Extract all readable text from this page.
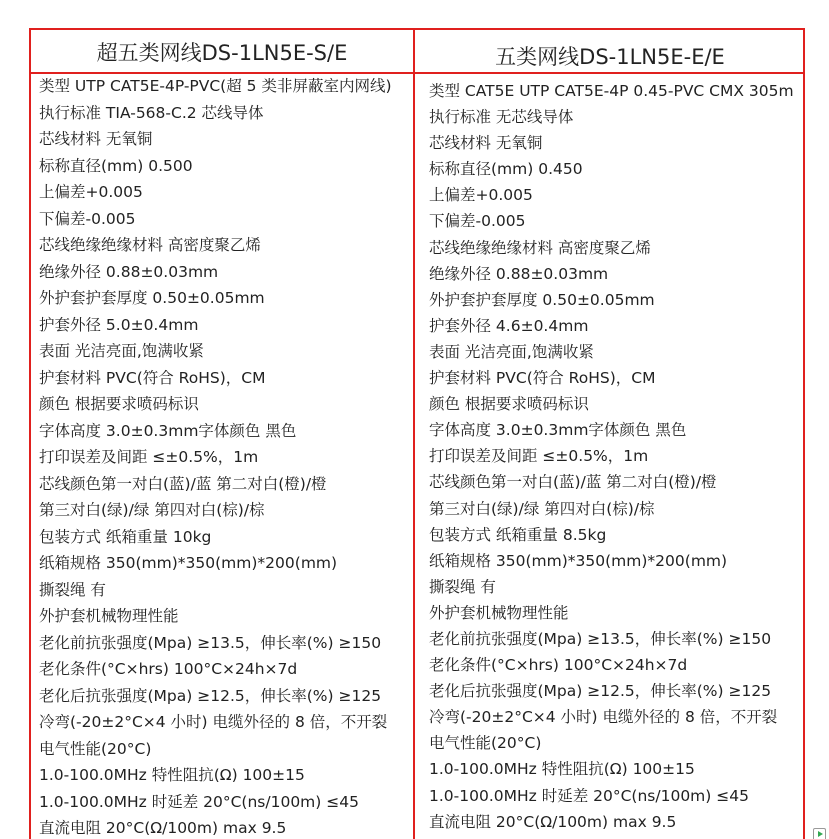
超五类网线DS-1LN5E-S/E	五类网线DS-1LN5E-E/E
类型 UTP CAT5E-4P-PVC(超 5 类非屏蔽室内网线)
执行标准 TIA-568-C.2 芯线导体
芯线材料 无氧铜
标称直径(mm) 0.500
上偏差+0.005
下偏差-0.005
芯线绝缘绝缘材料 高密度聚乙烯
绝缘外径 0.88±0.03mm
外护套护套厚度 0.50±0.05mm
护套外径 5.0±0.4mm
表面 光洁亮面,饱满收紧
护套材料 PVC(符合 RoHS)，CM
颜色 根据要求喷码标识
字体高度 3.0±0.3mm字体颜色 黑色
打印误差及间距 ≤±0.5%，1m
芯线颜色第一对白(蓝)/蓝 第二对白(橙)/橙
第三对白(绿)/绿 第四对白(棕)/棕
包装方式 纸箱重量 10kg
纸箱规格 350(mm)*350(mm)*200(mm)
撕裂绳 有
外护套机械物理性能
老化前抗张强度(Mpa) ≥13.5，伸长率(%) ≥150
老化条件(°C×hrs) 100°C×24h×7d
老化后抗张强度(Mpa) ≥12.5，伸长率(%) ≥125
冷弯(-20±2°C×4 小时) 电缆外径的 8 倍，不开裂
电气性能(20°C)
1.0-100.0MHz 特性阻抗(Ω) 100±15
1.0-100.0MHz 时延差 20°C(ns/100m) ≤45
直流电阻 20°C(Ω/100m) max 9.5
类型 CAT5E UTP CAT5E-4P 0.45-PVC CMX 305m
执行标准 无芯线导体
芯线材料 无氧铜
标称直径(mm) 0.450
上偏差+0.005
下偏差-0.005
芯线绝缘绝缘材料 高密度聚乙烯
绝缘外径 0.88±0.03mm
外护套护套厚度 0.50±0.05mm
护套外径 4.6±0.4mm
表面 光洁亮面,饱满收紧
护套材料 PVC(符合 RoHS)，CM
颜色 根据要求喷码标识
字体高度 3.0±0.3mm字体颜色 黑色
打印误差及间距 ≤±0.5%，1m
芯线颜色第一对白(蓝)/蓝 第二对白(橙)/橙
第三对白(绿)/绿 第四对白(棕)/棕
包装方式 纸箱重量 8.5kg
纸箱规格 350(mm)*350(mm)*200(mm)
撕裂绳 有
外护套机械物理性能
老化前抗张强度(Mpa) ≥13.5，伸长率(%) ≥150
老化条件(°C×hrs) 100°C×24h×7d
老化后抗张强度(Mpa) ≥12.5，伸长率(%) ≥125
冷弯(-20±2°C×4 小时) 电缆外径的 8 倍，不开裂
电气性能(20°C)
1.0-100.0MHz 特性阻抗(Ω) 100±15
1.0-100.0MHz 时延差 20°C(ns/100m) ≤45
直流电阻 20°C(Ω/100m) max 9.5
